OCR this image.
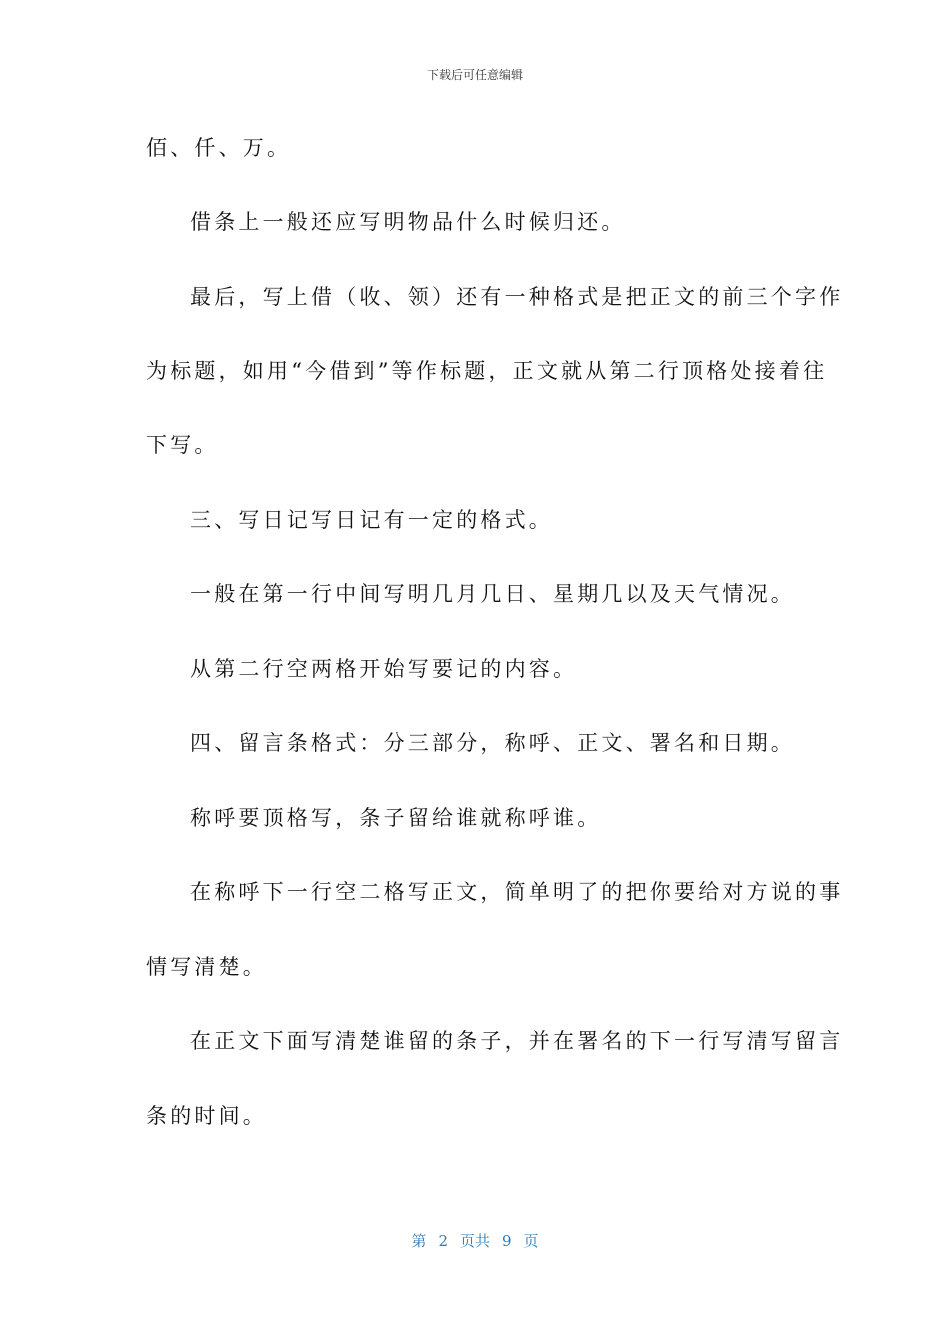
下载后可任意编辑
佰、仟、万。
借条上一般还应写明物品什么时候归还。
最后，写上借（收、领）还有一种格式是把正文的前三个字作
为标题，如用“今借到”等作标题，正文就从第二行顶格处接着往
下写。
三、写日记写日记有一定的格式。
一般在第一行中间写明几月几日、星期几以及天气情况。
从第二行空两格开始写要记的内容。
四、留言条格式：分三部分，称呼、正文、署名和日期。
称呼要顶格写，条子留给谁就称呼谁。
在称呼下一行空二格写正文，简单明了的把你要给对方说的事
情写清楚。
在正文下面写清楚谁留的条子，并在署名的下一行写清写留言
条的时间。
第 2 页共 9 页
